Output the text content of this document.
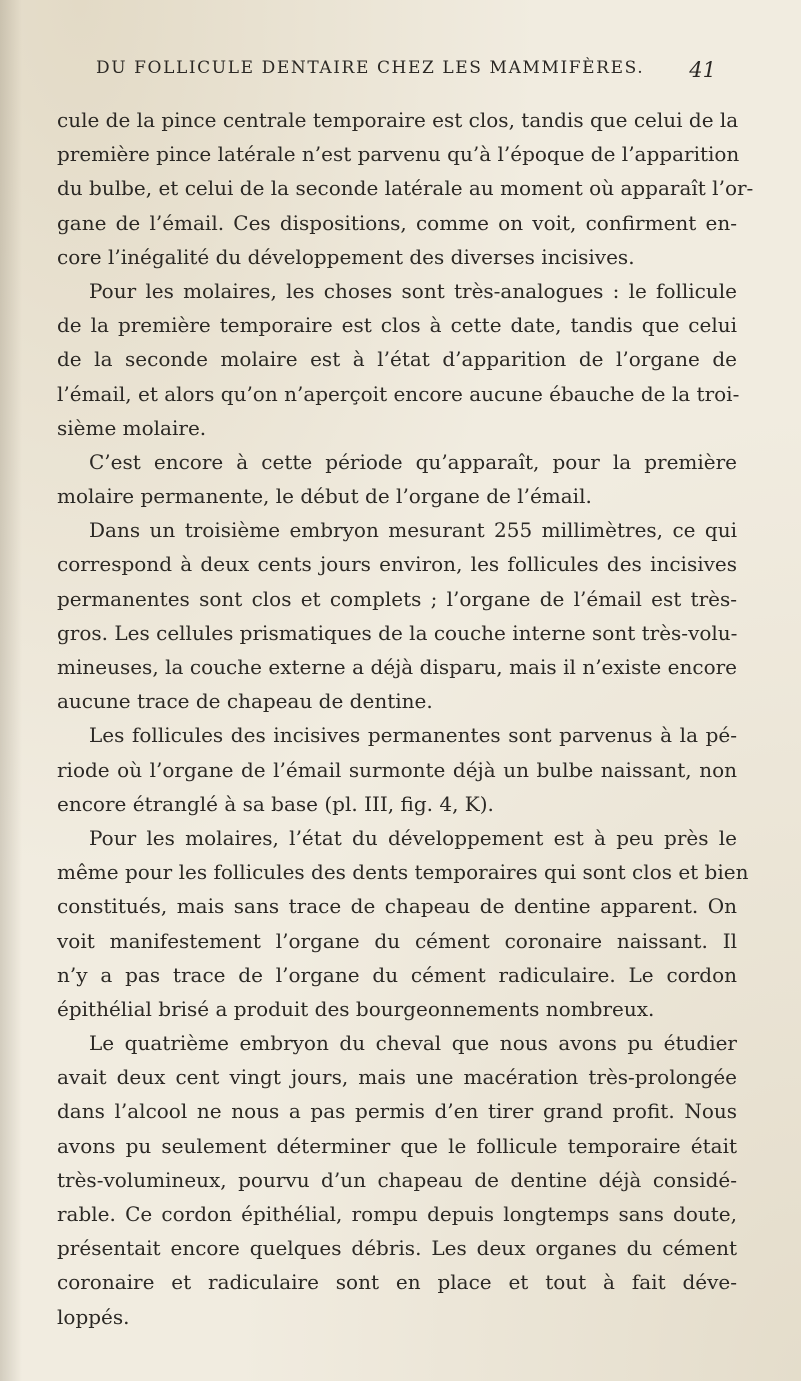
DU FOLLICULE DENTAIRE CHEZ LES MAMMIFÈRES. 41
cule de la pince centrale temporaire est clos, tandis que celui de la
première pince latérale n’est parvenu qu’à l’époque de l’apparition
du bulbe, et celui de la seconde latérale au moment où apparaît l’or-
gane de l’émail. Ces dispositions, comme on voit, confirment en-
core l’inégalité du développement des diverses incisives.
Pour les molaires, les choses sont très-analogues : le follicule
de la première temporaire est clos à cette date, tandis que celui
de la seconde molaire est à l’état d’apparition de l’organe de
l’émail, et alors qu’on n’aperçoit encore aucune ébauche de la troi-
sième molaire.
C’est encore à cette période qu’apparaît, pour la première
molaire permanente, le début de l’organe de l’émail.
Dans un troisième embryon mesurant 255 millimètres, ce qui
correspond à deux cents jours environ, les follicules des incisives
permanentes sont clos et complets ; l’organe de l’émail est très-
gros. Les cellules prismatiques de la couche interne sont très-volu-
mineuses, la couche externe a déjà disparu, mais il n’existe encore
aucune trace de chapeau de dentine.
Les follicules des incisives permanentes sont parvenus à la pé-
riode où l’organe de l’émail surmonte déjà un bulbe naissant, non
encore étranglé à sa base (pl. III, fig. 4, K).
Pour les molaires, l’état du développement est à peu près le
même pour les follicules des dents temporaires qui sont clos et bien
constitués, mais sans trace de chapeau de dentine apparent. On
voit manifestement l’organe du cément coronaire naissant. Il
n’y a pas trace de l’organe du cément radiculaire. Le cordon
épithélial brisé a produit des bourgeonnements nombreux.
Le quatrième embryon du cheval que nous avons pu étudier
avait deux cent vingt jours, mais une macération très-prolongée
dans l’alcool ne nous a pas permis d’en tirer grand profit. Nous
avons pu seulement déterminer que le follicule temporaire était
très-volumineux, pourvu d’un chapeau de dentine déjà considé-
rable. Ce cordon épithélial, rompu depuis longtemps sans doute,
présentait encore quelques débris. Les deux organes du cément
coronaire et radiculaire sont en place et tout à fait déve-
loppés.
